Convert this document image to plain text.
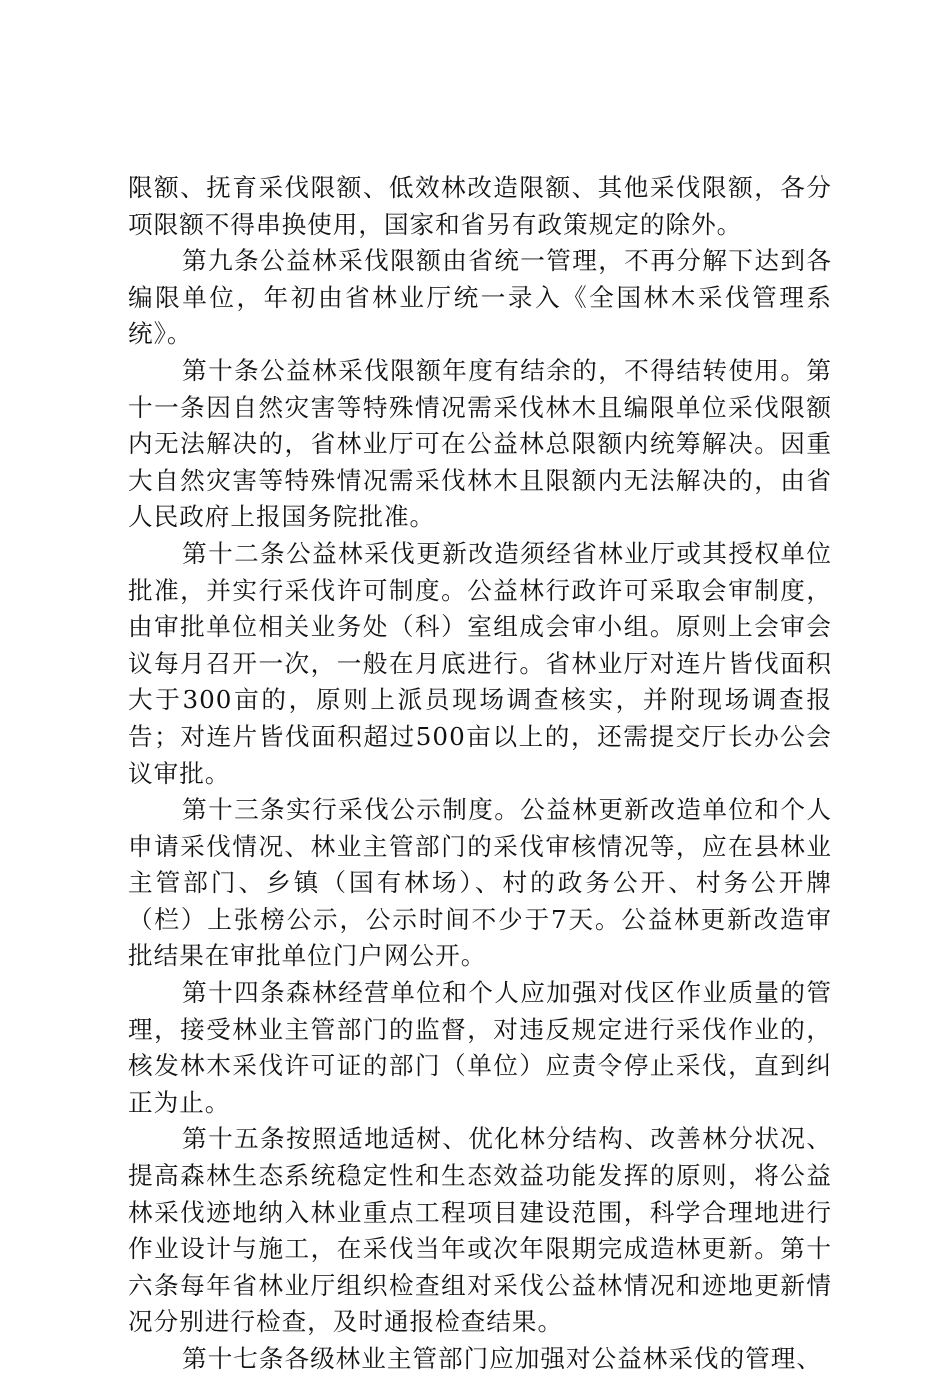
限额、抚育采伐限额、低效林改造限额、其他采伐限额，各分项限额不得串换使用，国家和省另有政策规定的除外。

第九条公益林采伐限额由省统一管理，不再分解下达到各编限单位，年初由省林业厅统一录入《全国林木采伐管理系统》。

第十条公益林采伐限额年度有结余的，不得结转使用。第十一条因自然灾害等特殊情况需采伐林木且编限单位采伐限额内无法解决的，省林业厅可在公益林总限额内统筹解决。因重大自然灾害等特殊情况需采伐林木且限额内无法解决的，由省人民政府上报国务院批准。

第十二条公益林采伐更新改造须经省林业厅或其授权单位批准，并实行采伐许可制度。公益林行政许可采取会审制度，由审批单位相关业务处（科）室组成会审小组。原则上会审会议每月召开一次，一般在月底进行。省林业厅对连片皆伐面积大于300亩的，原则上派员现场调查核实，并附现场调查报告；对连片皆伐面积超过500亩以上的，还需提交厅长办公会议审批。

第十三条实行采伐公示制度。公益林更新改造单位和个人申请采伐情况、林业主管部门的采伐审核情况等，应在县林业主管部门、乡镇（国有林场）、村的政务公开、村务公开牌（栏）上张榜公示，公示时间不少于7天。公益林更新改造审批结果在审批单位门户网公开。

第十四条森林经营单位和个人应加强对伐区作业质量的管理，接受林业主管部门的监督，对违反规定进行采伐作业的，核发林木采伐许可证的部门（单位）应责令停止采伐，直到纠正为止。

第十五条按照适地适树、优化林分结构、改善林分状况、提高森林生态系统稳定性和生态效益功能发挥的原则，将公益林采伐迹地纳入林业重点工程项目建设范围，科学合理地进行作业设计与施工，在采伐当年或次年限期完成造林更新。第十六条每年省林业厅组织检查组对采伐公益林情况和迹地更新情况分别进行检查，及时通报检查结果。

第十七条各级林业主管部门应加强对公益林采伐的管理、
